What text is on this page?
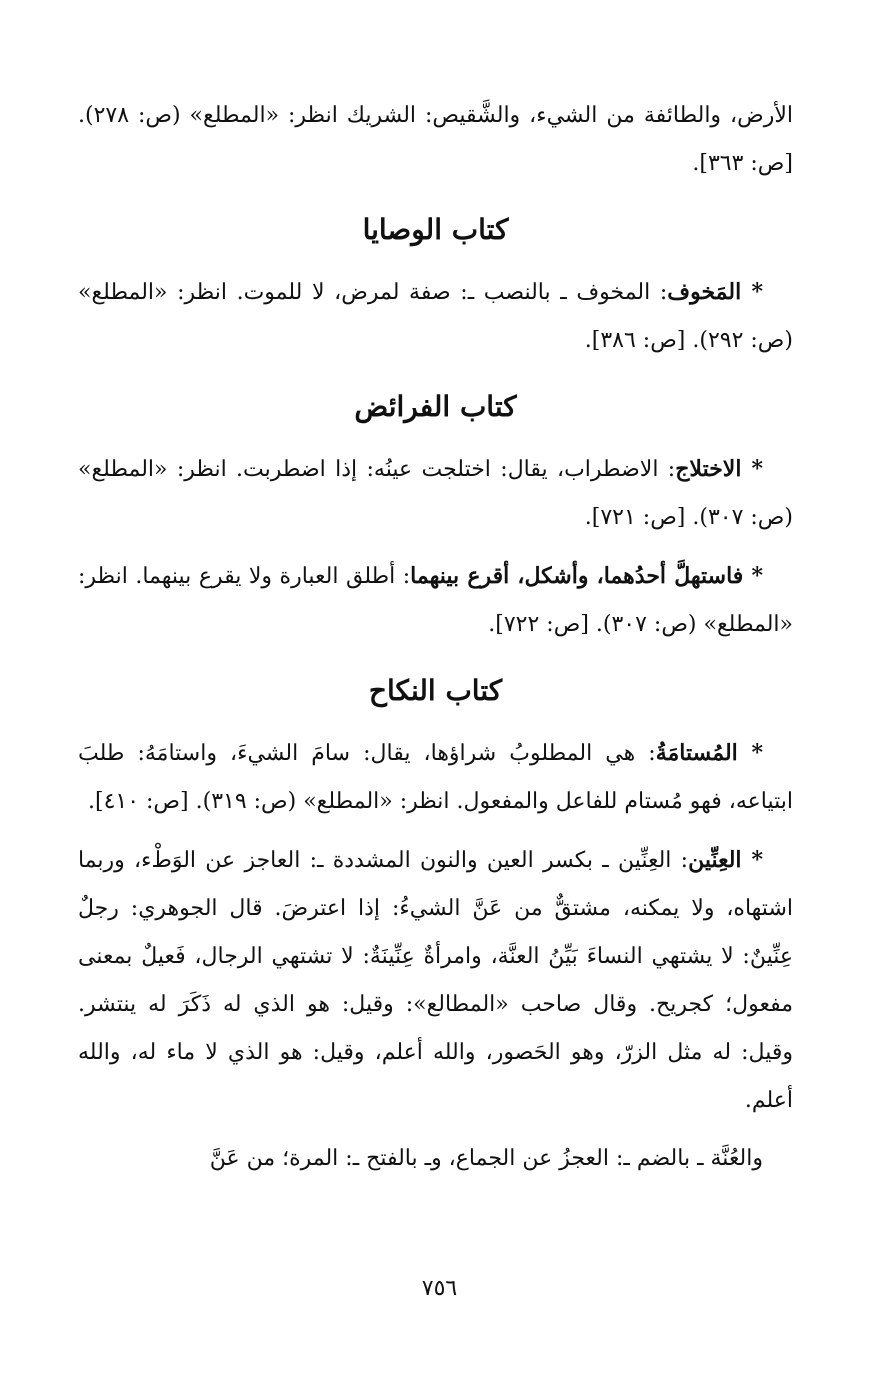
الأرض، والطائفة من الشيء، والشَّقيص: الشريك انظر: «المطلع» (ص: ٢٧٨). [ص: ٣٦٣].

كتاب الوصايا

* المَخوف: المخوف ـ بالنصب ـ: صفة لمرض، لا للموت. انظر: «المطلع» (ص: ٢٩٢). [ص: ٣٨٦].

كتاب الفرائض

* الاختلاج: الاضطراب، يقال: اختلجت عينُه: إذا اضطربت. انظر: «المطلع» (ص: ٣٠٧). [ص: ٧٢١].

* فاستهلَّ أحدُهما، وأشكل، أقرع بينهما: أطلق العبارة ولا يقرع بينهما. انظر: «المطلع» (ص: ٣٠٧). [ص: ٧٢٢].

كتاب النكاح

* المُستامَةُ: هي المطلوبُ شراؤها، يقال: سامَ الشيءَ، واستامَهُ: طلبَ ابتياعه، فهو مُستام للفاعل والمفعول. انظر: «المطلع» (ص: ٣١٩). [ص: ٤١٠].

* العِنِّين: العِنِّين ـ بكسر العين والنون المشددة ـ: العاجز عن الوَطْء، وربما اشتهاه، ولا يمكنه، مشتقٌّ من عَنَّ الشيءُ: إذا اعترضَ. قال الجوهري: رجلٌ عِنِّينٌ: لا يشتهي النساءَ بَيِّنُ العنَّة، وامرأةٌ عِنِّينَةٌ: لا تشتهي الرجال، فَعيلٌ بمعنى مفعول؛ كجريح. وقال صاحب «المطالع»: وقيل: هو الذي له ذَكَرَ له ينتشر. وقيل: له مثل الزرّ، وهو الحَصور، والله أعلم، وقيل: هو الذي لا ماء له، والله أعلم.

والعُنَّة ـ بالضم ـ: العجزُ عن الجماع، وـ بالفتح ـ: المرة؛ من عَنَّ

٧٥٦
